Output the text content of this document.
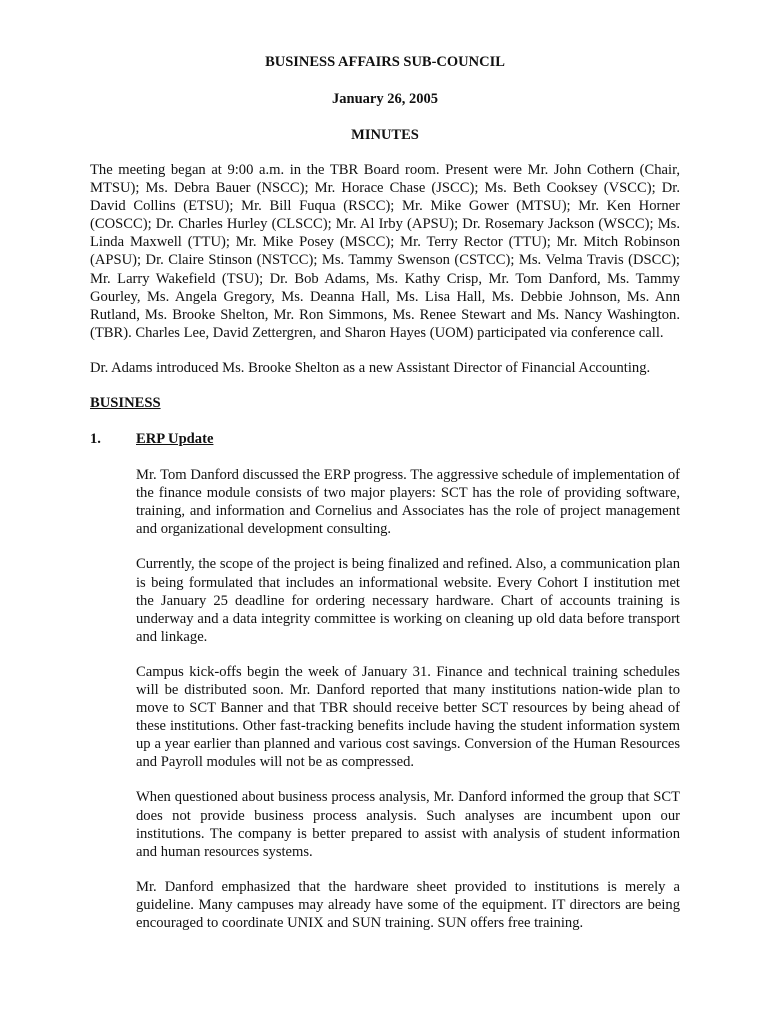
BUSINESS AFFAIRS SUB-COUNCIL
January 26, 2005
MINUTES

The meeting began at 9:00 a.m. in the TBR Board room. Present were Mr. John Cothern (Chair, MTSU); Ms. Debra Bauer (NSCC); Mr. Horace Chase (JSCC); Ms. Beth Cooksey (VSCC); Dr. David Collins (ETSU); Mr. Bill Fuqua (RSCC); Mr. Mike Gower (MTSU); Mr. Ken Horner (COSCC); Dr. Charles Hurley (CLSCC); Mr. Al Irby (APSU); Dr. Rosemary Jackson (WSCC); Ms. Linda Maxwell (TTU); Mr. Mike Posey (MSCC); Mr. Terry Rector (TTU); Mr. Mitch Robinson (APSU); Dr. Claire Stinson (NSTCC); Ms. Tammy Swenson (CSTCC); Ms. Velma Travis (DSCC); Mr. Larry Wakefield (TSU); Dr. Bob Adams, Ms. Kathy Crisp, Mr. Tom Danford, Ms. Tammy Gourley, Ms. Angela Gregory, Ms. Deanna Hall, Ms. Lisa Hall, Ms. Debbie Johnson, Ms. Ann Rutland, Ms. Brooke Shelton, Mr. Ron Simmons, Ms. Renee Stewart and Ms. Nancy Washington. (TBR). Charles Lee, David Zettergren, and Sharon Hayes (UOM) participated via conference call.

Dr. Adams introduced Ms. Brooke Shelton as a new Assistant Director of Financial Accounting.

BUSINESS
1.	ERP Update

Mr. Tom Danford discussed the ERP progress. The aggressive schedule of implementation of the finance module consists of two major players: SCT has the role of providing software, training, and information and Cornelius and Associates has the role of project management and organizational development consulting.

Currently, the scope of the project is being finalized and refined. Also, a communication plan is being formulated that includes an informational website. Every Cohort I institution met the January 25 deadline for ordering necessary hardware. Chart of accounts training is underway and a data integrity committee is working on cleaning up old data before transport and linkage.

Campus kick-offs begin the week of January 31. Finance and technical training schedules will be distributed soon. Mr. Danford reported that many institutions nation-wide plan to move to SCT Banner and that TBR should receive better SCT resources by being ahead of these institutions. Other fast-tracking benefits include having the student information system up a year earlier than planned and various cost savings. Conversion of the Human Resources and Payroll modules will not be as compressed.

When questioned about business process analysis, Mr. Danford informed the group that SCT does not provide business process analysis. Such analyses are incumbent upon our institutions. The company is better prepared to assist with analysis of student information and human resources systems.

Mr. Danford emphasized that the hardware sheet provided to institutions is merely a guideline. Many campuses may already have some of the equipment. IT directors are being encouraged to coordinate UNIX and SUN training. SUN offers free training.
